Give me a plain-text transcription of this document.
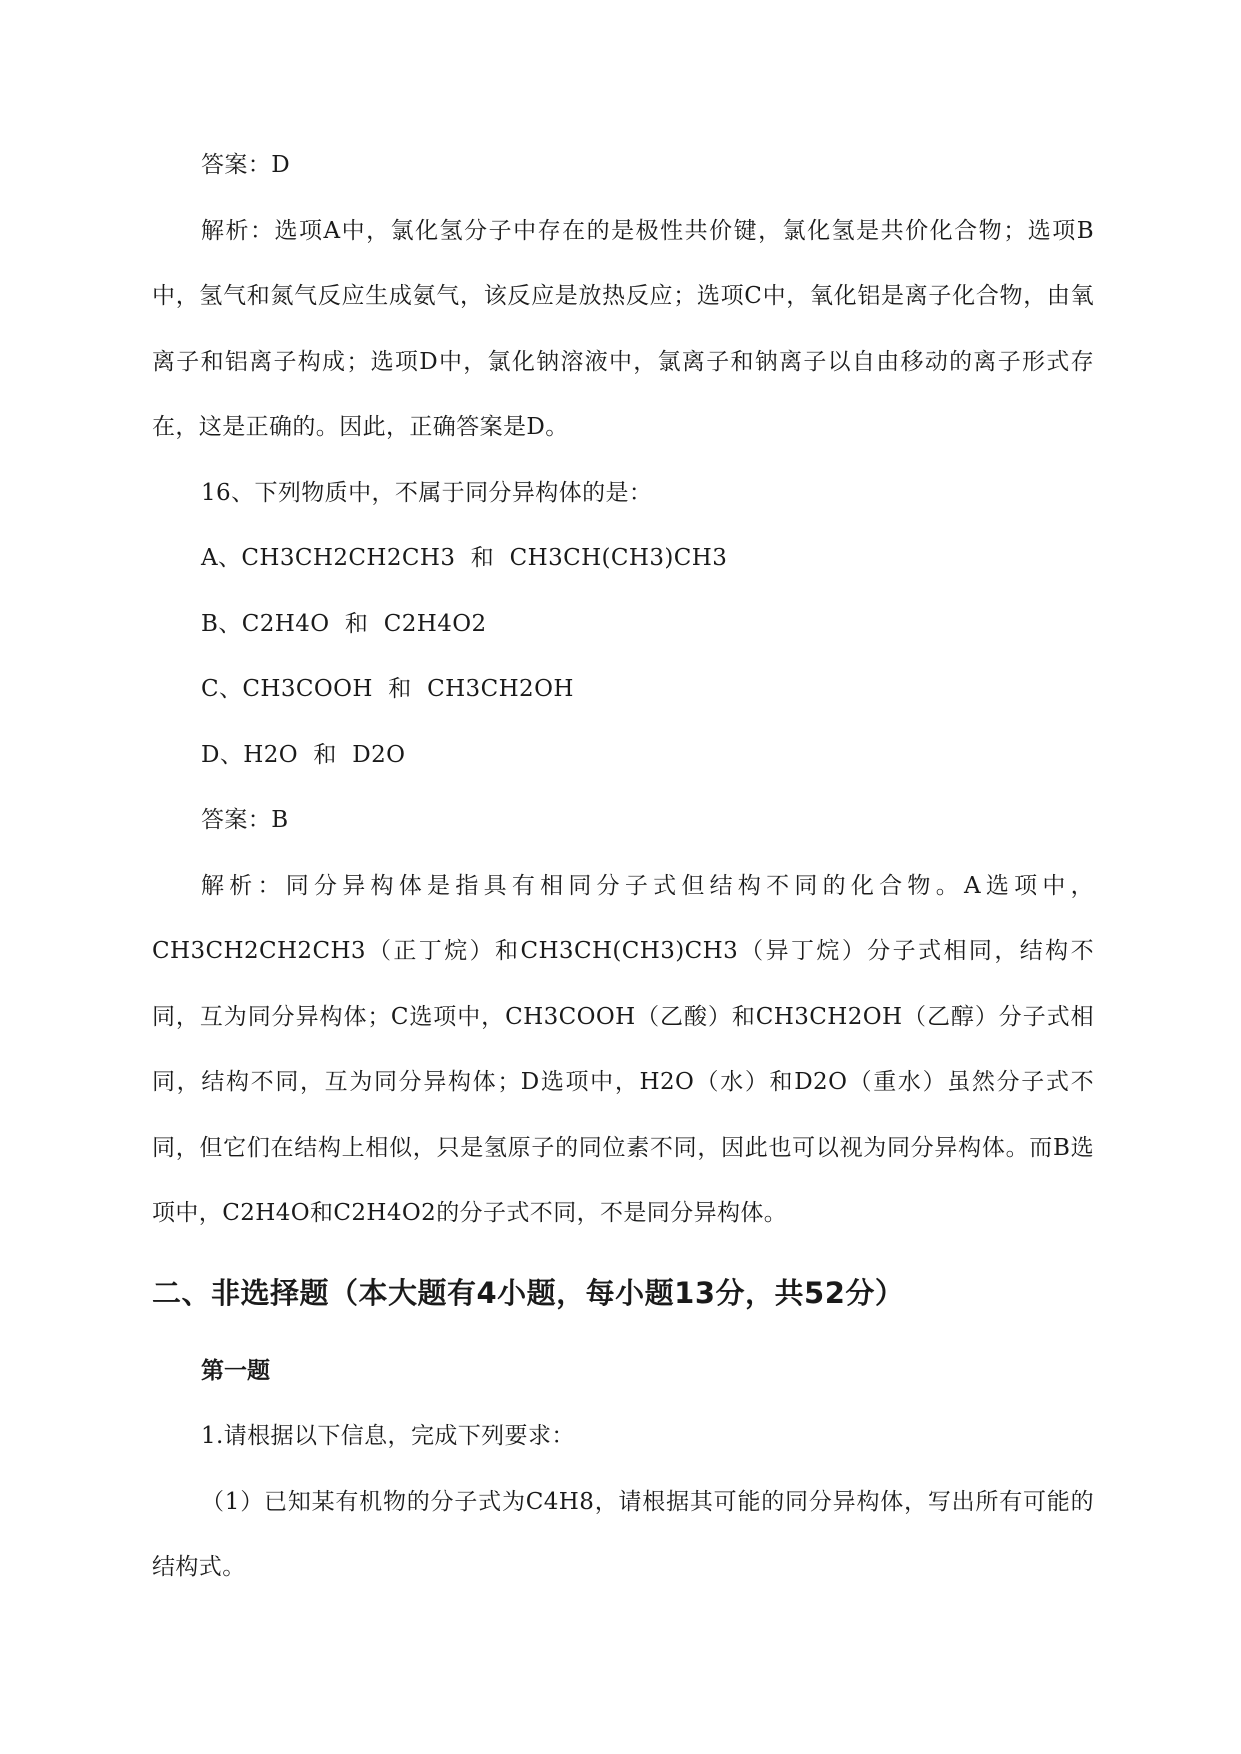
答案：D

解析：选项A中，氯化氢分子中存在的是极性共价键，氯化氢是共价化合物；选项B中，氢气和氮气反应生成氨气，该反应是放热反应；选项C中，氧化铝是离子化合物，由氧离子和铝离子构成；选项D中，氯化钠溶液中，氯离子和钠离子以自由移动的离子形式存在，这是正确的。因此，正确答案是D。

16、下列物质中，不属于同分异构体的是：

A、CH3CH2CH2CH3  和  CH3CH(CH3)CH3

B、C2H4O  和  C2H4O2

C、CH3COOH  和  CH3CH2OH

D、H2O  和  D2O

答案：B

解析：同分异构体是指具有相同分子式但结构不同的化合物。A选项中，CH3CH2CH2CH3（正丁烷）和CH3CH(CH3)CH3（异丁烷）分子式相同，结构不同，互为同分异构体；C选项中，CH3COOH（乙酸）和CH3CH2OH（乙醇）分子式相同，结构不同，互为同分异构体；D选项中，H2O（水）和D2O（重水）虽然分子式不同，但它们在结构上相似，只是氢原子的同位素不同，因此也可以视为同分异构体。而B选项中，C2H4O和C2H4O2的分子式不同，不是同分异构体。

二、非选择题（本大题有4小题，每小题13分，共52分）
第一题

1.请根据以下信息，完成下列要求：

（1）已知某有机物的分子式为C4H8，请根据其可能的同分异构体，写出所有可能的结构式。
